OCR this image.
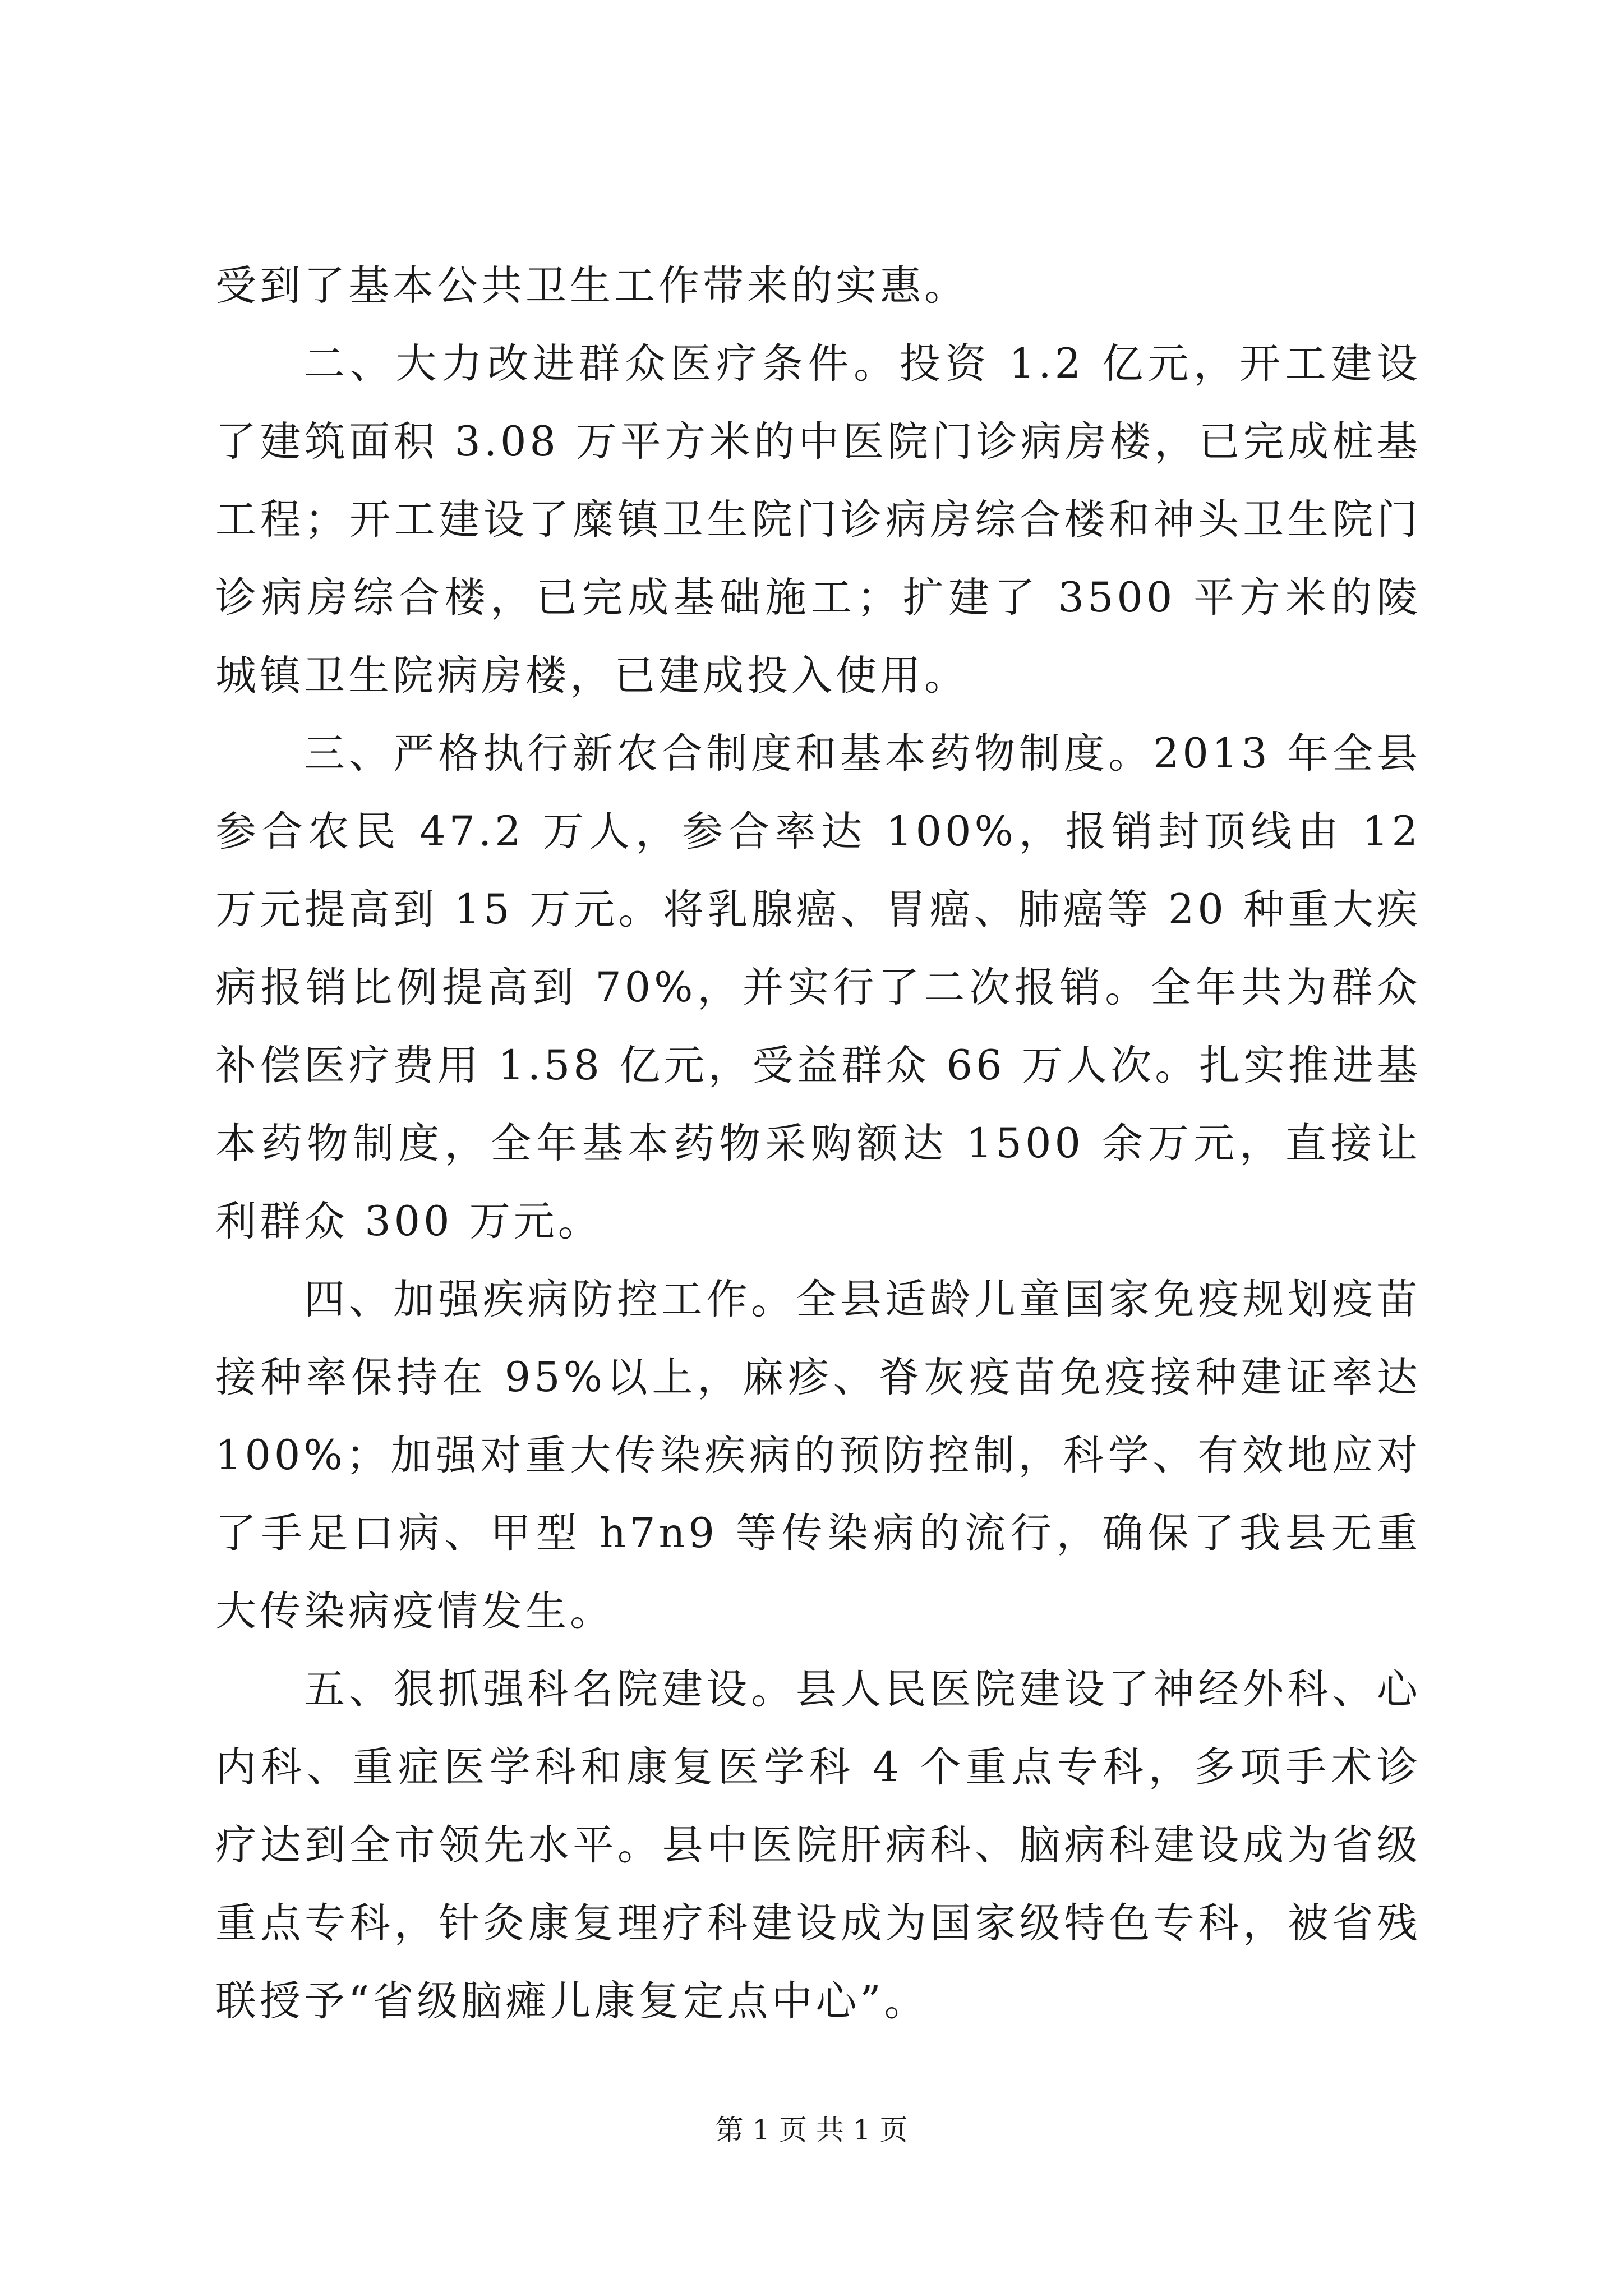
受到了基本公共卫生工作带来的实惠。

二、大力改进群众医疗条件。投资 1.2 亿元，开工建设了建筑面积 3.08 万平方米的中医院门诊病房楼，已完成桩基工程；开工建设了糜镇卫生院门诊病房综合楼和神头卫生院门诊病房综合楼，已完成基础施工；扩建了 3500 平方米的陵城镇卫生院病房楼，已建成投入使用。

三、严格执行新农合制度和基本药物制度。2013 年全县参合农民 47.2 万人，参合率达 100%，报销封顶线由 12 万元提高到 15 万元。将乳腺癌、胃癌、肺癌等 20 种重大疾病报销比例提高到 70%，并实行了二次报销。全年共为群众补偿医疗费用 1.58 亿元，受益群众 66 万人次。扎实推进基本药物制度，全年基本药物采购额达 1500 余万元，直接让利群众 300 万元。

四、加强疾病防控工作。全县适龄儿童国家免疫规划疫苗接种率保持在 95%以上，麻疹、脊灰疫苗免疫接种建证率达 100%；加强对重大传染疾病的预防控制，科学、有效地应对了手足口病、甲型 h7n9 等传染病的流行，确保了我县无重大传染病疫情发生。

五、狠抓强科名院建设。县人民医院建设了神经外科、心内科、重症医学科和康复医学科 4 个重点专科，多项手术诊疗达到全市领先水平。县中医院肝病科、脑病科建设成为省级重点专科，针灸康复理疗科建设成为国家级特色专科，被省残联授予“省级脑瘫儿康复定点中心”。

第 1 页 共 1 页
